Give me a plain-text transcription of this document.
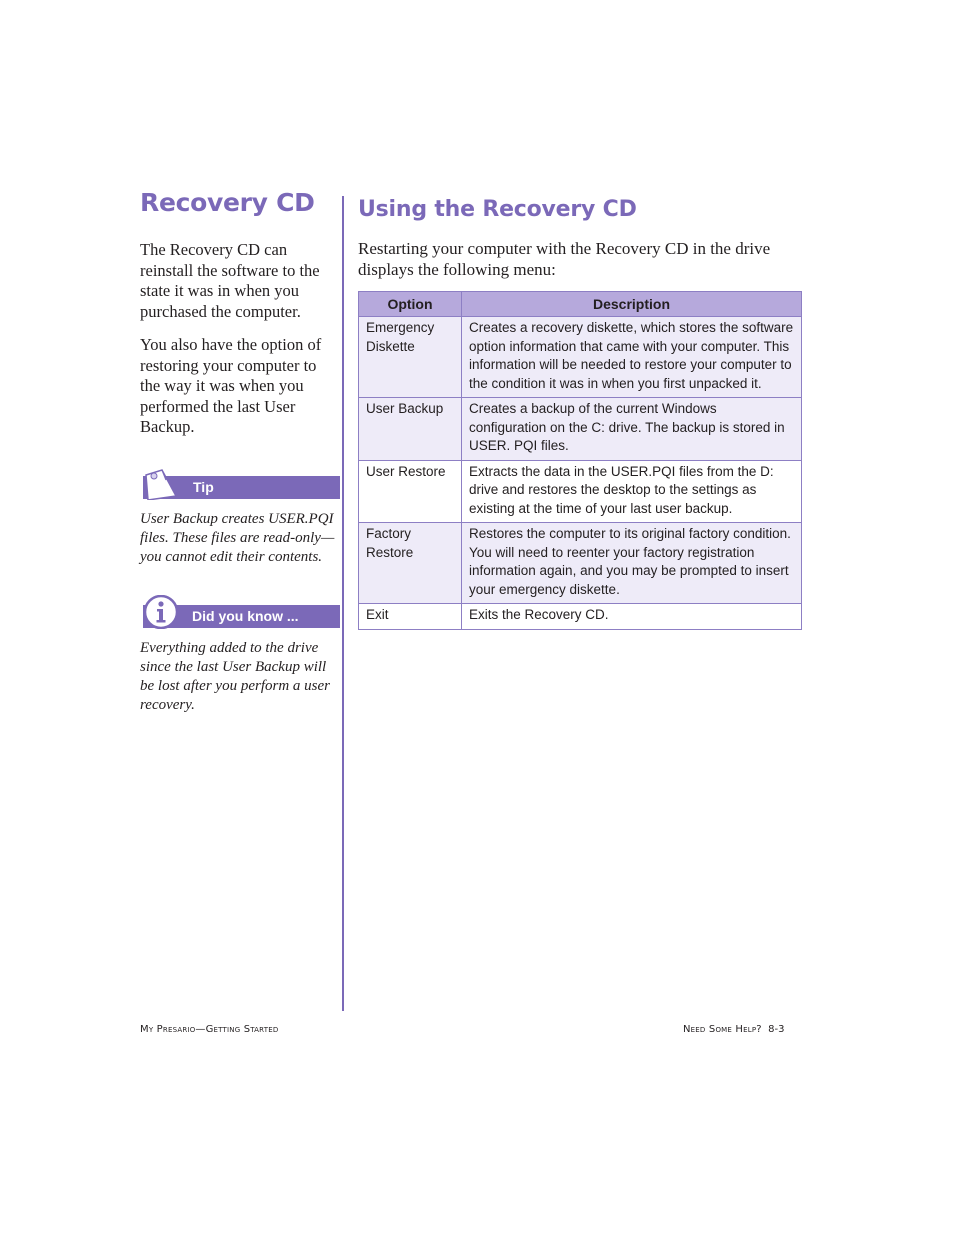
Recovery CD

The Recovery CD can reinstall the software to the state it was in when you purchased the computer.

You also have the option of restoring your computer to the way it was when you performed the last User Backup.

Tip

User Backup creates USER.PQI files. These files are read-only—you cannot edit their contents.

Did you know ...

Everything added to the drive since the last User Backup will be lost after you perform a user recovery.

Using the Recovery CD

Restarting your computer with the Recovery CD in the drive displays the following menu:

Option	Description
Emergency Diskette	Creates a recovery diskette, which stores the software option information that came with your computer. This information will be needed to restore your computer to the condition it was in when you first unpacked it.
User Backup	Creates a backup of the current Windows configuration on the C: drive. The backup is stored in USER. PQI files.
User Restore	Extracts the data in the USER.PQI files from the D: drive and restores the desktop to the settings as existing at the time of your last user backup.
Factory Restore	Restores the computer to its original factory condition. You will need to reenter your factory registration information again, and you may be prompted to insert your emergency diskette.
Exit	Exits the Recovery CD.
My Presario—Getting Started	Need Some Help? 8-3
